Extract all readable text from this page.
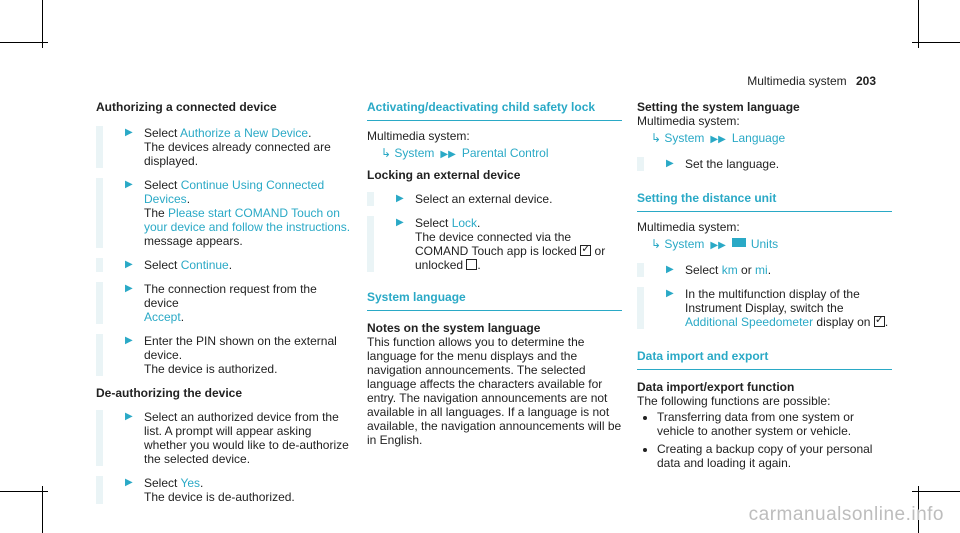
Multimedia system 203
Authorizing a connected device
▶ Select Authorize a New Device.
The devices already connected are displayed.
▶ Select Continue Using Connected Devices.
The Please start COMAND Touch on your device and follow the instructions. message appears.
▶ Select Continue.
▶ The connection request from the device
Accept.
▶ Enter the PIN shown on the external device.
The device is authorized.
De-authorizing the device
▶ Select an authorized device from the list. A prompt will appear asking whether you would like to de-authorize the selected device.
▶ Select Yes.
The device is de-authorized.
Activating/deactivating child safety lock
Multimedia system:
↳ System ▶▶ Parental Control
Locking an external device
▶ Select an external device.
▶ Select Lock.
The device connected via the COMAND Touch app is locked ✓ or unlocked .
System language
Notes on the system language
This function allows you to determine the language for the menu displays and the navigation announcements. The selected language affects the characters available for entry. The navigation announcements are not available in all languages. If a language is not available, the navigation announcements will be in English.
Setting the system language
Multimedia system:
↳ System ▶▶ Language
▶ Set the language.
Setting the distance unit
Multimedia system:
↳ System ▶▶ Units
▶ Select km or mi.
▶ In the multifunction display of the Instrument Display, switch the Additional Speedometer display on ✓ .
Data import and export
Data import/export function
The following functions are possible:
• Transferring data from one system or vehicle to another system or vehicle.
• Creating a backup copy of your personal data and loading it again.
carmanualsonline.info
